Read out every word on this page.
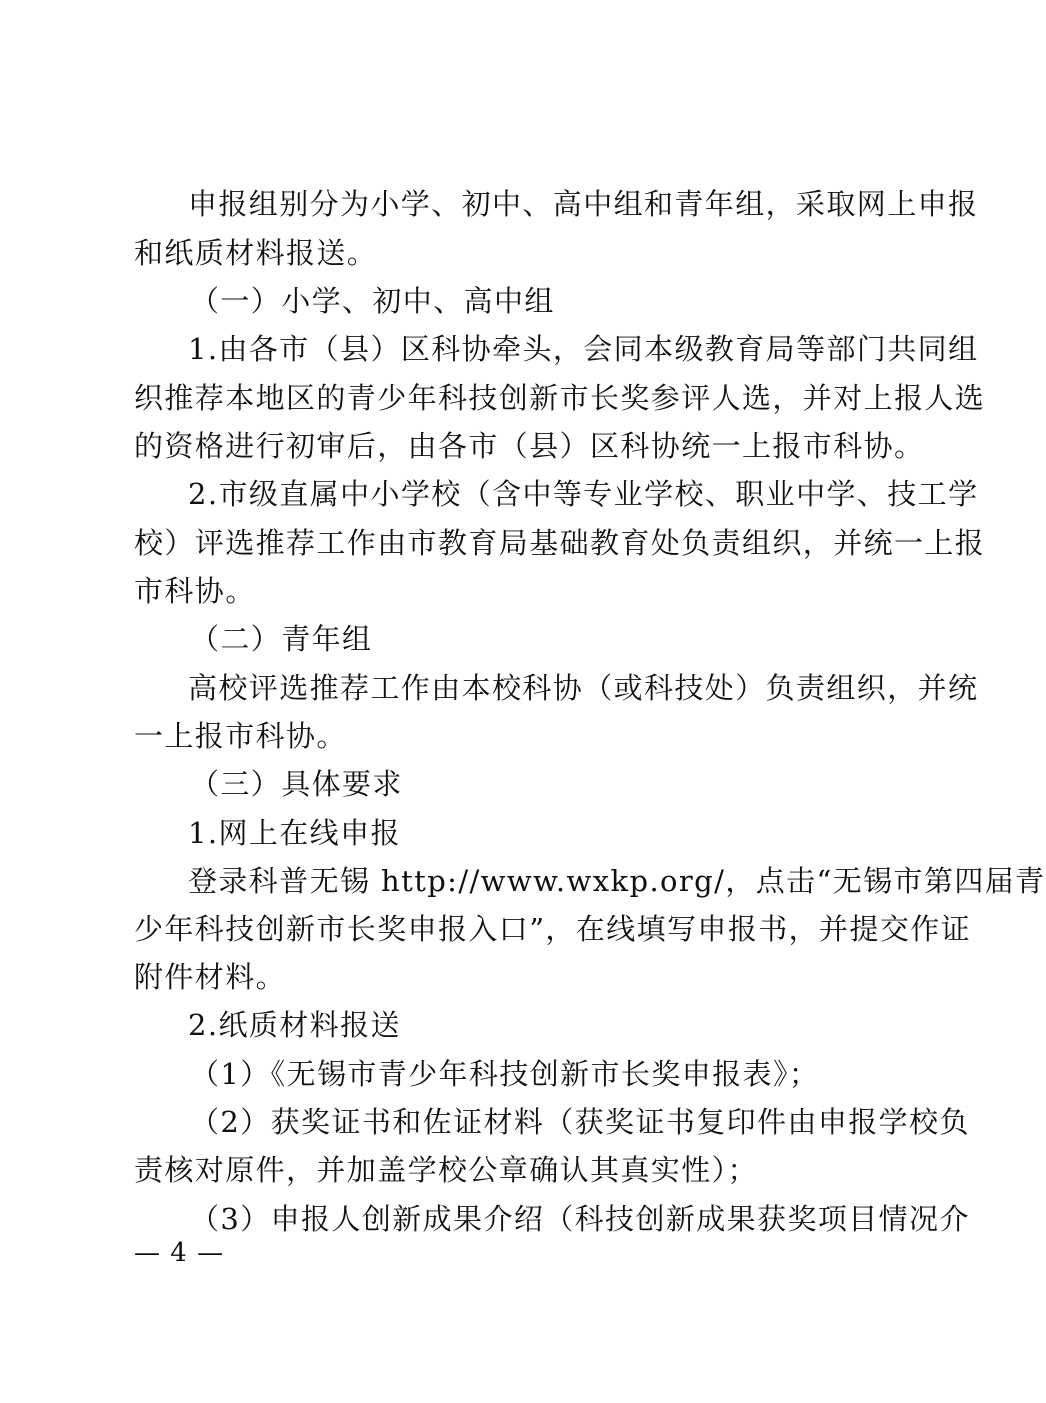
申报组别分为小学、初中、高中组和青年组，采取网上申报
和纸质材料报送。
（一）小学、初中、高中组
1.由各市（县）区科协牵头，会同本级教育局等部门共同组
织推荐本地区的青少年科技创新市长奖参评人选，并对上报人选
的资格进行初审后，由各市（县）区科协统一上报市科协。
2.市级直属中小学校（含中等专业学校、职业中学、技工学
校）评选推荐工作由市教育局基础教育处负责组织，并统一上报
市科协。
（二）青年组
高校评选推荐工作由本校科协（或科技处）负责组织，并统
一上报市科协。
（三）具体要求
1.网上在线申报
登录科普无锡 http://www.wxkp.org/，点击“无锡市第四届青
少年科技创新市长奖申报入口”，在线填写申报书，并提交作证
附件材料。
2.纸质材料报送
（1）《无锡市青少年科技创新市长奖申报表》；
（2）获奖证书和佐证材料（获奖证书复印件由申报学校负
责核对原件，并加盖学校公章确认其真实性）；
（3）申报人创新成果介绍（科技创新成果获奖项目情况介
— 4 —
